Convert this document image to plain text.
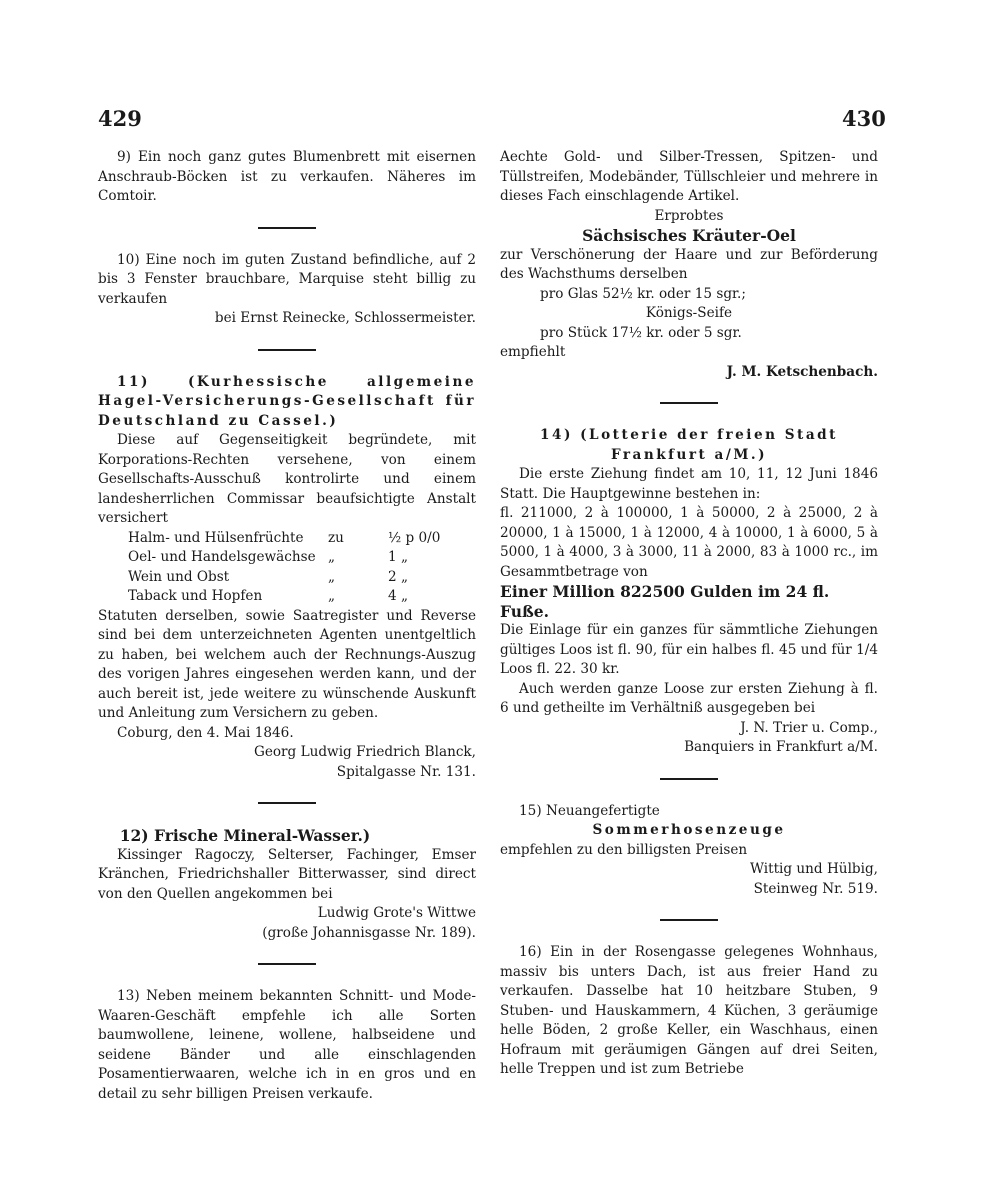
429	430

9) Ein noch ganz gutes Blumenbrett mit eisernen Anschraub-Böcken ist zu verkaufen. Näheres im Comtoir.

10) Eine noch im guten Zustand befindliche, auf 2 bis 3 Fenster brauchbare, Marquise steht billig zu verkaufen

bei Ernst Reinecke, Schlossermeister.

11) (Kurhessische allgemeine Hagel-Versicherungs-Gesellschaft für Deutschland zu Cassel.)

Diese auf Gegenseitigkeit begründete, mit Korporations-Rechten versehene, von einem Gesellschafts-Ausschuß kontrolirte und einem landesherrlichen Commissar beaufsichtigte Anstalt versichert

Halm- und Hülsenfrüchte	zu	½ p 0/0
Oel- und Handelsgewächse „	1 „
Wein und Obst	„	2 „
Taback und Hopfen	„	4 „

Statuten derselben, sowie Saatregister und Reverse sind bei dem unterzeichneten Agenten unentgeltlich zu haben, bei welchem auch der Rechnungs-Auszug des vorigen Jahres eingesehen werden kann, und der auch bereit ist, jede weitere zu wünschende Auskunft und Anleitung zum Versichern zu geben.

Coburg, den 4. Mai 1846.

Georg Ludwig Friedrich Blanck,

Spitalgasse Nr. 131.

12) Frische Mineral-Wasser.)

Kissinger Ragoczy, Selterser, Fachinger, Emser Kränchen, Friedrichshaller Bitterwasser, sind direct von den Quellen angekommen bei

Ludwig Grote's Wittwe

(große Johannisgasse Nr. 189).

13) Neben meinem bekannten Schnitt- und Mode-Waaren-Geschäft empfehle ich alle Sorten baumwollene, leinene, wollene, halbseidene und seidene Bänder und alle einschlagenden Posamentierwaaren, welche ich in en gros und en detail zu sehr billigen Preisen verkaufe.

Aechte Gold- und Silber-Tressen, Spitzen- und Tüllstreifen, Modebänder, Tüllschleier und mehrere in dieses Fach einschlagende Artikel.

Erprobtes

Sächsisches Kräuter-Oel

zur Verschönerung der Haare und zur Beförderung des Wachsthums derselben

pro Glas 52½ kr. oder 15 sgr.;

Königs-Seife

pro Stück 17½ kr. oder 5 sgr.

empfiehlt

J. M. Ketschenbach.

14) (Lotterie der freien Stadt Frankfurt a/M.)

Die erste Ziehung findet am 10, 11, 12 Juni 1846 Statt. Die Hauptgewinne bestehen in:

fl. 211000, 2 à 100000, 1 à 50000, 2 à 25000, 2 à 20000, 1 à 15000, 1 à 12000, 4 à 10000, 1 à 6000, 5 à 5000, 1 à 4000, 3 à 3000, 11 à 2000, 83 à 1000 rc., im Gesammtbetrage von

Einer Million 822500 Gulden im 24 fl. Fuße.

Die Einlage für ein ganzes für sämmtliche Ziehungen gültiges Loos ist fl. 90, für ein halbes fl. 45 und für 1/4 Loos fl. 22. 30 kr.

Auch werden ganze Loose zur ersten Ziehung à fl. 6 und getheilte im Verhältniß ausgegeben bei

J. N. Trier u. Comp.,

Banquiers in Frankfurt a/M.

15) Neuangefertigte

Sommerhosenzeuge

empfehlen zu den billigsten Preisen

Wittig und Hülbig,

Steinweg Nr. 519.

16) Ein in der Rosengasse gelegenes Wohnhaus, massiv bis unters Dach, ist aus freier Hand zu verkaufen. Dasselbe hat 10 heitzbare Stuben, 9 Stuben- und Hauskammern, 4 Küchen, 3 geräumige helle Böden, 2 große Keller, ein Waschhaus, einen Hofraum mit geräumigen Gängen auf drei Seiten, helle Treppen und ist zum Betriebe
